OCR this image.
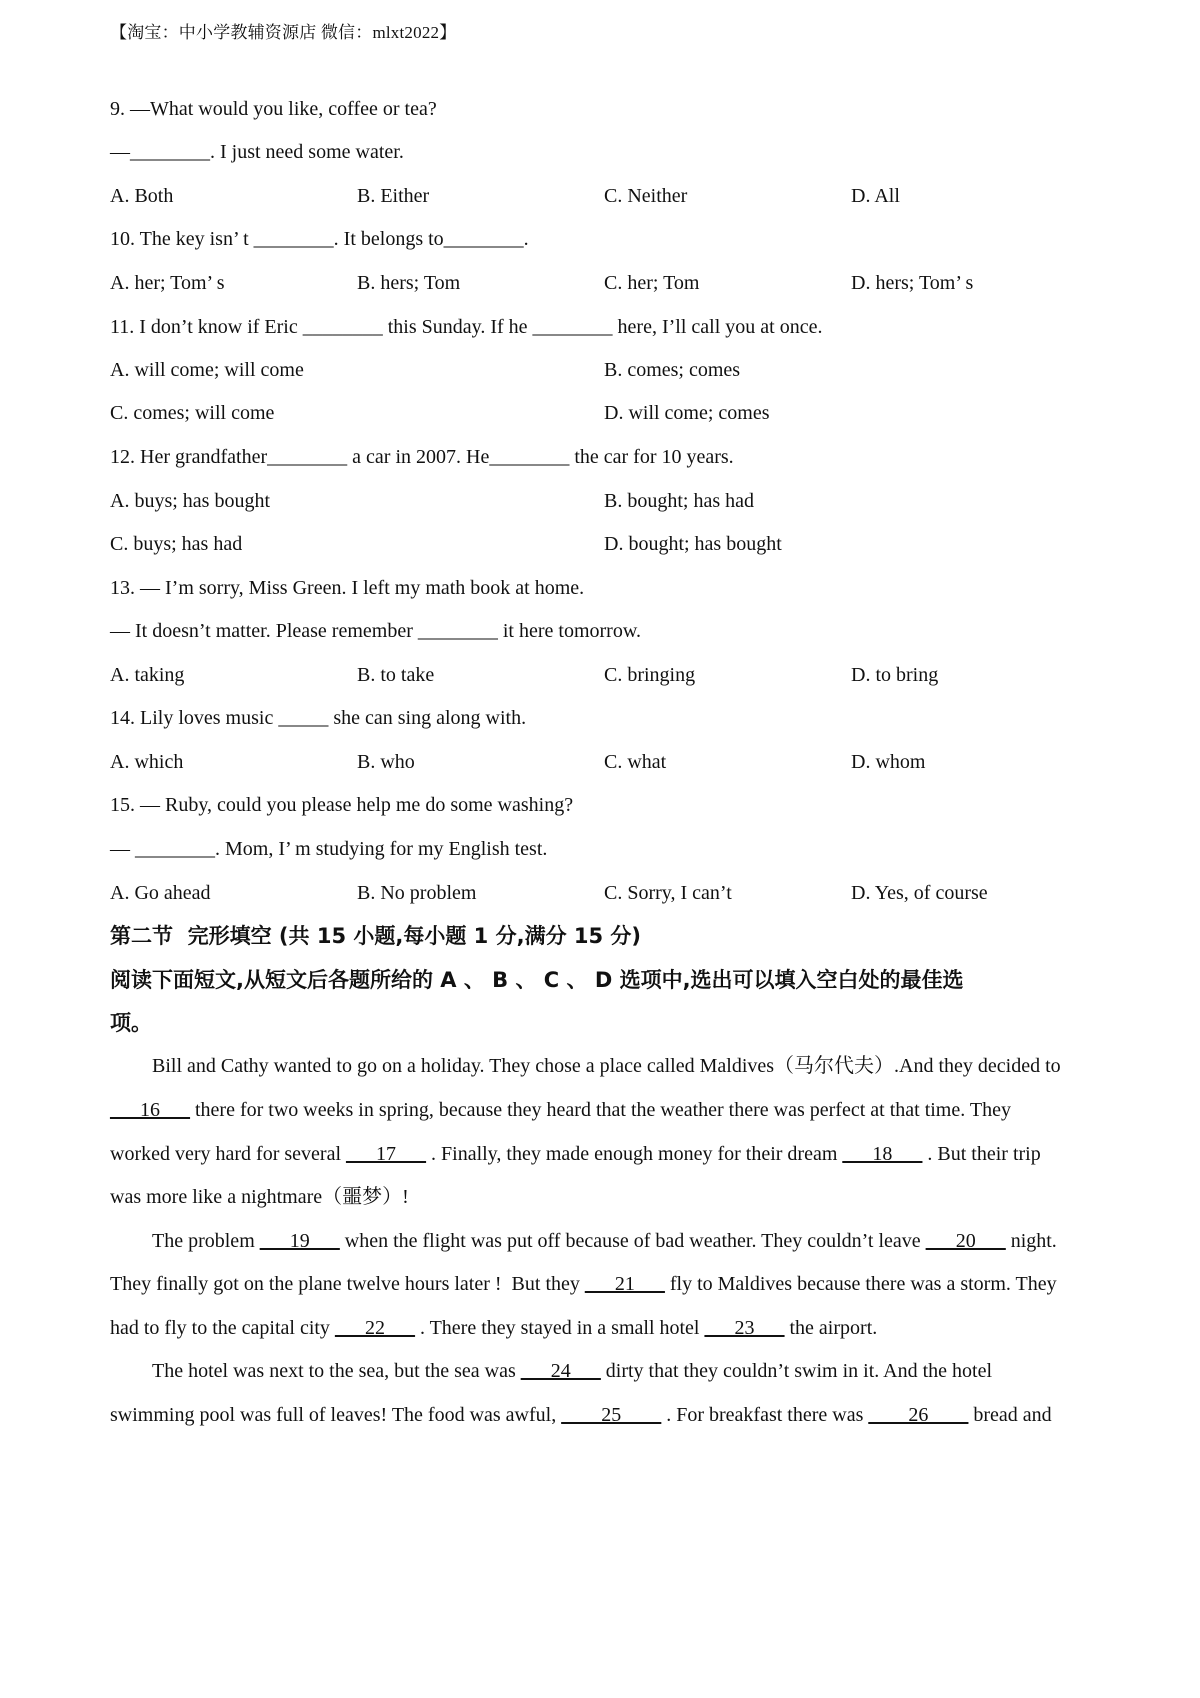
【淘宝：中小学教辅资源店 微信：mlxt2022】
9. —What would you like, coffee or tea?
—________. I just need some water.
A. Both	B. Either	C. Neither	D. All
10. The key isn’ t ________. It belongs to________.
A. her; Tom’ s	B. hers; Tom	C. her; Tom	D. hers; Tom’ s
11. I don’t know if Eric ________ this Sunday. If he ________ here, I’ll call you at once.
A. will come; will come	B. comes; comes
C. comes; will come	D. will come; comes
12. Her grandfather________ a car in 2007. He________ the car for 10 years.
A. buys; has bought	B. bought; has had
C. buys; has had	D. bought; has bought
13. — I’m sorry, Miss Green. I left my math book at home.
— It doesn’t matter. Please remember ________ it here tomorrow.
A. taking	B. to take	C. bringing	D. to bring
14. Lily loves music _____ she can sing along with.
A. which	B. who	C. what	D. whom
15. — Ruby, could you please help me do some washing?
— ________. Mom, I’ m studying for my English test.
A. Go ahead	B. No problem	C. Sorry, I can’t	D. Yes, of course
第二节  完形填空 (共 15 小题,每小题 1 分,满分 15 分)
阅读下面短文,从短文后各题所给的 A 、 B 、 C 、 D 选项中,选出可以填入空白处的最佳选
项。
Bill and Cathy wanted to go on a holiday. They chose a place called Maldives（马尔代夫）.And they decided to
___16___ there for two weeks in spring, because they heard that the weather there was perfect at that time. They
worked very hard for several ___17___ . Finally, they made enough money for their dream ___18___ . But their trip
was more like a nightmare（噩梦）!
The problem ___19___ when the flight was put off because of bad weather. They couldn’t leave ___20___ night.
They finally got on the plane twelve hours later !  But they ___21___ fly to Maldives because there was a storm. They
had to fly to the capital city ___22___ . There they stayed in a small hotel ___23___ the airport.
The hotel was next to the sea, but the sea was ___24___ dirty that they couldn’t swim in it. And the hotel
swimming pool was full of leaves! The food was awful, ____25____ . For breakfast there was ____26____ bread and
